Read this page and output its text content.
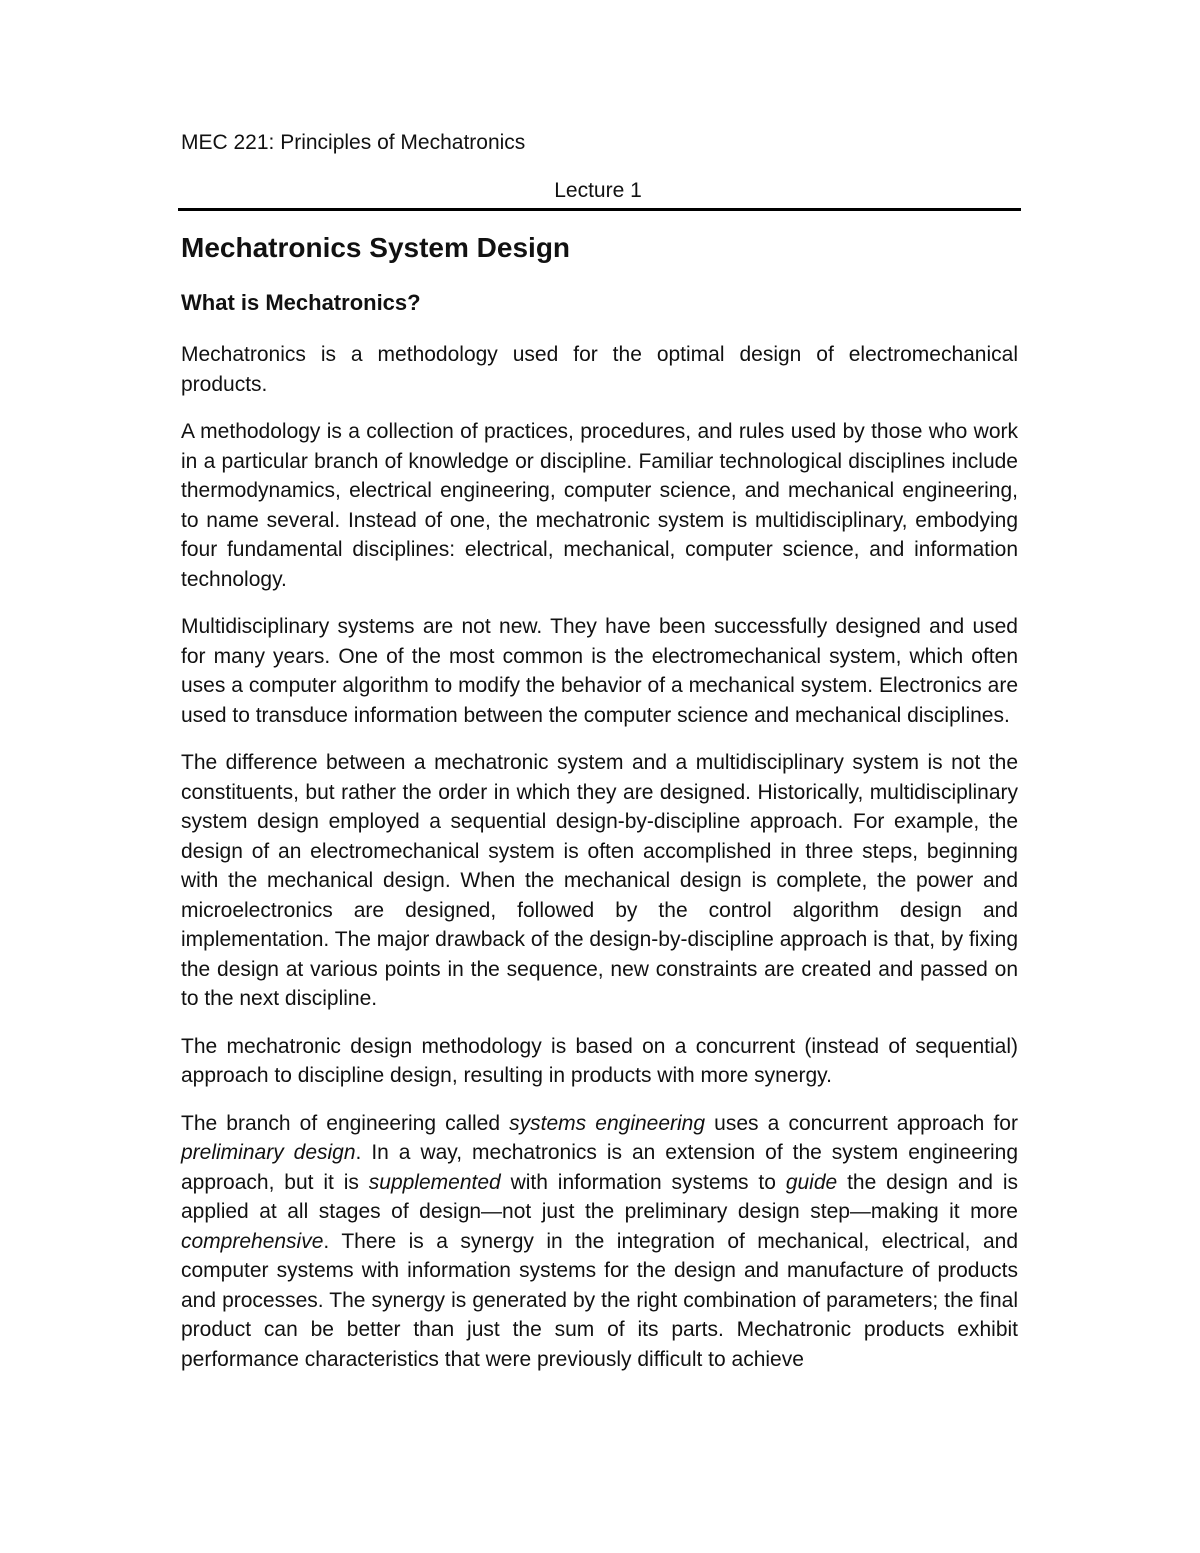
MEC 221: Principles of Mechatronics

Lecture 1

Mechatronics System Design
What is Mechatronics?

Mechatronics is a methodology used for the optimal design of electromechanical products.

A methodology is a collection of practices, procedures, and rules used by those who work in a particular branch of knowledge or discipline. Familiar technological disciplines include thermodynamics, electrical engineering, computer science, and mechanical engineering, to name several. Instead of one, the mechatronic system is multidisciplinary, embodying four fundamental disciplines: electrical, mechanical, computer science, and information technology.

Multidisciplinary systems are not new. They have been successfully designed and used for many years. One of the most common is the electromechanical system, which often uses a computer algorithm to modify the behavior of a mechanical system. Electronics are used to transduce information between the computer science and mechanical disciplines.

The difference between a mechatronic system and a multidisciplinary system is not the constituents, but rather the order in which they are designed. Historically, multidisciplinary system design employed a sequential design-by-discipline approach. For example, the design of an electromechanical system is often accomplished in three steps, beginning with the mechanical design. When the mechanical design is complete, the power and microelectronics are designed, followed by the control algorithm design and implementation. The major drawback of the design-by-discipline approach is that, by fixing the design at various points in the sequence, new constraints are created and passed on to the next discipline.

The mechatronic design methodology is based on a concurrent (instead of sequential) approach to discipline design, resulting in products with more synergy.

The branch of engineering called systems engineering uses a concurrent approach for preliminary design. In a way, mechatronics is an extension of the system engineering approach, but it is supplemented with information systems to guide the design and is applied at all stages of design—not just the preliminary design step—making it more comprehensive. There is a synergy in the integration of mechanical, electrical, and computer systems with information systems for the design and manufacture of products and processes. The synergy is generated by the right combination of parameters; the final product can be better than just the sum of its parts. Mechatronic products exhibit performance characteristics that were previously difficult to achieve
